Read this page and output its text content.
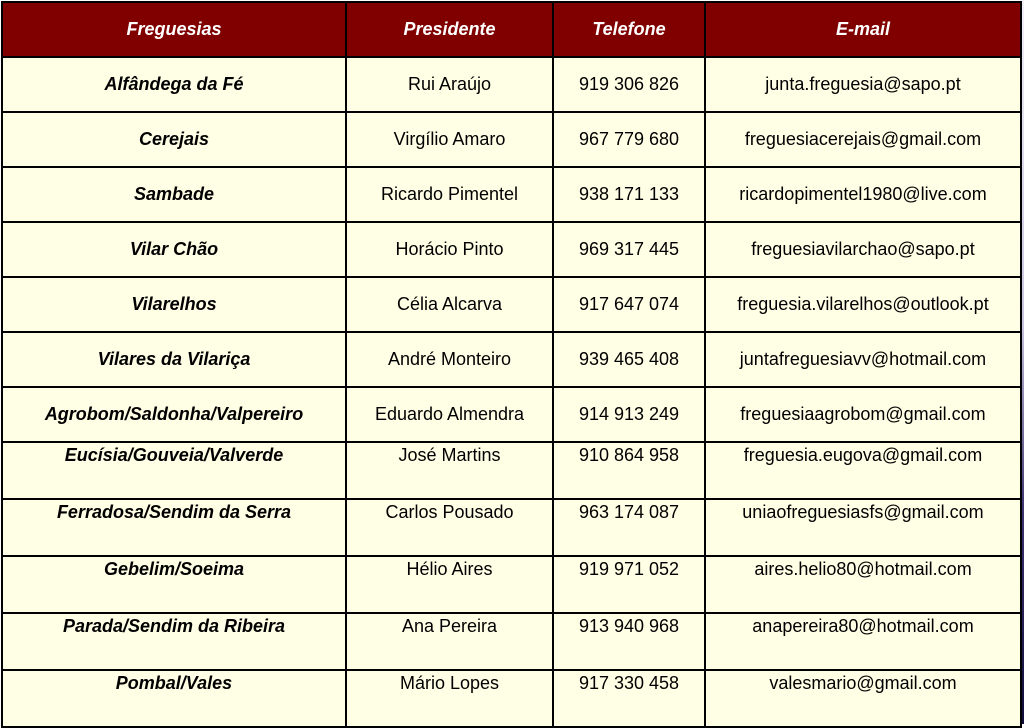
Freguesias	Presidente	Telefone	E-mail
Alfândega da Fé	Rui Araújo	919 306 826	junta.freguesia@sapo.pt
Cerejais	Virgílio Amaro	967 779 680	freguesiacerejais@gmail.com
Sambade	Ricardo Pimentel	938 171 133	ricardopimentel1980@live.com
Vilar Chão	Horácio Pinto	969 317 445	freguesiavilarchao@sapo.pt
Vilarelhos	Célia Alcarva	917 647 074	freguesia.vilarelhos@outlook.pt
Vilares da Vilariça	André Monteiro	939 465 408	juntafreguesiavv@hotmail.com
Agrobom/Saldonha/Valpereiro	Eduardo Almendra	914 913 249	freguesiaagrobom@gmail.com
Eucísia/Gouveia/Valverde	José Martins	910 864 958	freguesia.eugova@gmail.com
Ferradosa/Sendim da Serra	Carlos Pousado	963 174 087	uniaofreguesiasfs@gmail.com
Gebelim/Soeima	Hélio Aires	919 971 052	aires.helio80@hotmail.com
Parada/Sendim da Ribeira	Ana Pereira	913 940 968	anapereira80@hotmail.com
Pombal/Vales	Mário Lopes	917 330 458	valesmario@gmail.com
